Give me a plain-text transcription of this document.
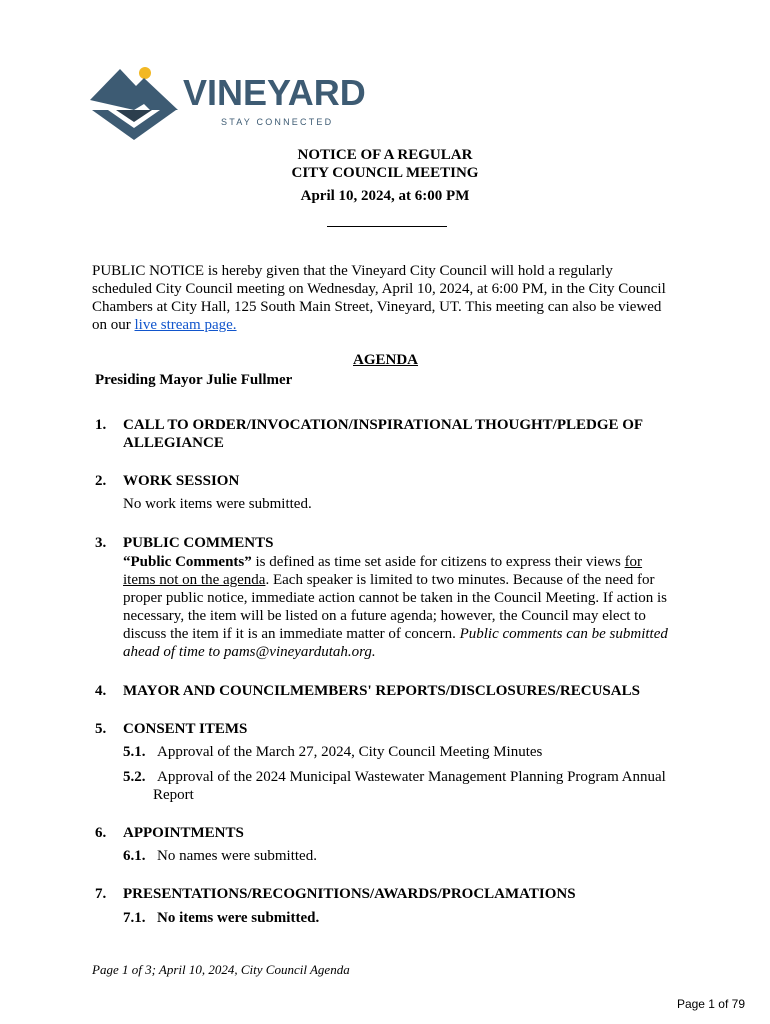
VINEYARD
STAY CONNECTED
NOTICE OF A REGULAR
CITY COUNCIL MEETING
April 10, 2024, at 6:00 PM
PUBLIC NOTICE is hereby given that the Vineyard City Council will hold a regularly
scheduled City Council meeting on Wednesday, April 10, 2024, at 6:00 PM, in the City Council
Chambers at City Hall, 125 South Main Street, Vineyard, UT. This meeting can also be viewed
on our live stream page.
AGENDA
Presiding Mayor Julie Fullmer
1. CALL TO ORDER/INVOCATION/INSPIRATIONAL THOUGHT/PLEDGE OF
ALLEGIANCE
2. WORK SESSION
No work items were submitted.
3. PUBLIC COMMENTS
“Public Comments” is defined as time set aside for citizens to express their views for
items not on the agenda. Each speaker is limited to two minutes. Because of the need for
proper public notice, immediate action cannot be taken in the Council Meeting. If action is
necessary, the item will be listed on a future agenda; however, the Council may elect to
discuss the item if it is an immediate matter of concern. Public comments can be submitted
ahead of time to pams@vineyardutah.org.
4. MAYOR AND COUNCILMEMBERS' REPORTS/DISCLOSURES/RECUSALS
5. CONSENT ITEMS
5.1. Approval of the March 27, 2024, City Council Meeting Minutes
5.2. Approval of the 2024 Municipal Wastewater Management Planning Program Annual
Report
6. APPOINTMENTS
6.1. No names were submitted.
7. PRESENTATIONS/RECOGNITIONS/AWARDS/PROCLAMATIONS
7.1. No items were submitted.
Page 1 of 3; April 10, 2024, City Council Agenda
Page 1 of 79
